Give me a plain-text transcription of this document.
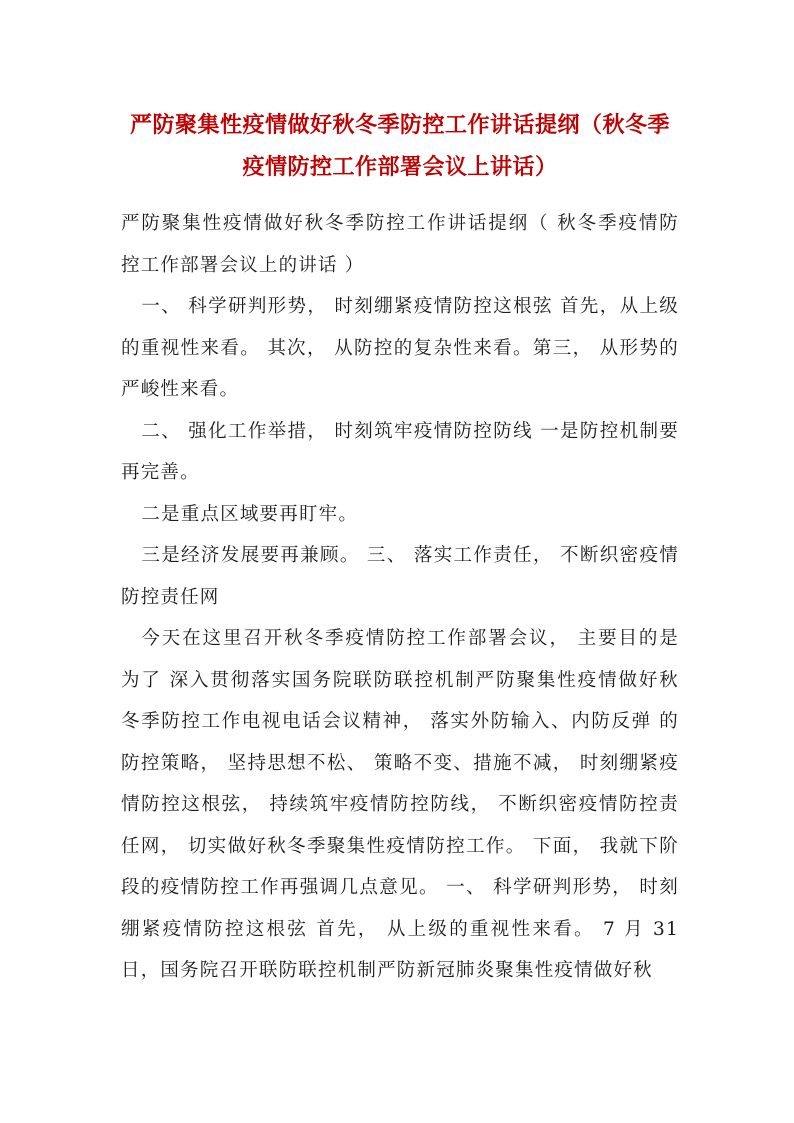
严防聚集性疫情做好秋冬季防控工作讲话提纲（秋冬季疫情防控工作部署会议上讲话）

严防聚集性疫情做好秋冬季防控工作讲话提纲（ 秋冬季疫情防控工作部署会议上的讲话 ）

一、 科学研判形势， 时刻绷紧疫情防控这根弦 首先，从上级的重视性来看。 其次， 从防控的复杂性来看。第三， 从形势的严峻性来看。

二、 强化工作举措， 时刻筑牢疫情防控防线 一是防控机制要再完善。

二是重点区域要再盯牢。

三是经济发展要再兼顾。 三、 落实工作责任， 不断织密疫情防控责任网

今天在这里召开秋冬季疫情防控工作部署会议， 主要目的是为了 深入贯彻落实国务院联防联控机制严防聚集性疫情做好秋冬季防控工作电视电话会议精神， 落实外防输入、内防反弹 的防控策略， 坚持思想不松、 策略不变、措施不减， 时刻绷紧疫情防控这根弦， 持续筑牢疫情防控防线， 不断织密疫情防控责任网， 切实做好秋冬季聚集性疫情防控工作。 下面， 我就下阶段的疫情防控工作再强调几点意见。 一、 科学研判形势， 时刻绷紧疫情防控这根弦 首先， 从上级的重视性来看。 7 月 31 日，国务院召开联防联控机制严防新冠肺炎聚集性疫情做好秋
